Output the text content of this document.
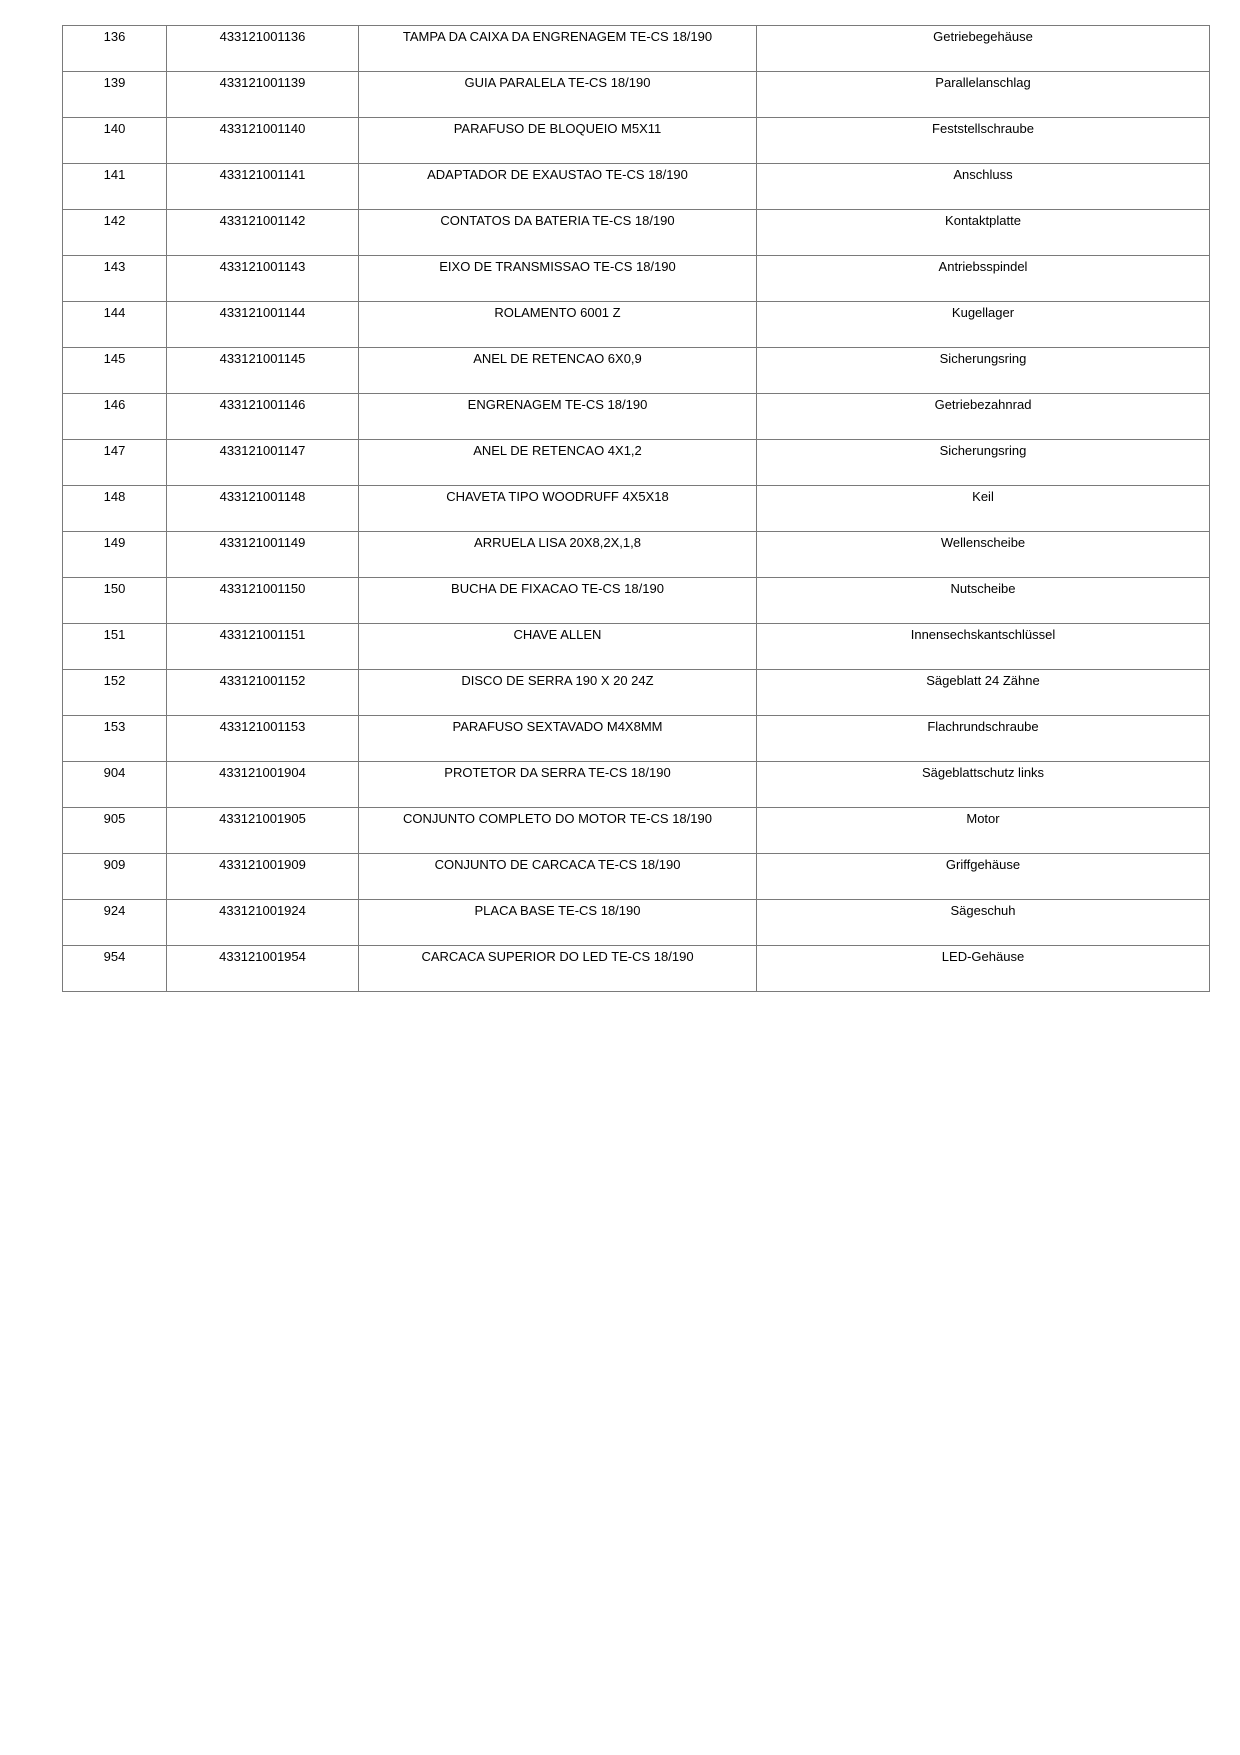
136	433121001136	TAMPA DA CAIXA DA ENGRENAGEM TE-CS 18/190	Getriebegehäuse
139	433121001139	GUIA PARALELA TE-CS 18/190	Parallelanschlag
140	433121001140	PARAFUSO DE BLOQUEIO M5X11	Feststellschraube
141	433121001141	ADAPTADOR DE EXAUSTAO TE-CS 18/190	Anschluss
142	433121001142	CONTATOS DA BATERIA TE-CS 18/190	Kontaktplatte
143	433121001143	EIXO DE TRANSMISSAO TE-CS 18/190	Antriebsspindel
144	433121001144	ROLAMENTO 6001 Z	Kugellager
145	433121001145	ANEL DE RETENCAO 6X0,9	Sicherungsring
146	433121001146	ENGRENAGEM TE-CS 18/190	Getriebezahnrad
147	433121001147	ANEL DE RETENCAO 4X1,2	Sicherungsring
148	433121001148	CHAVETA TIPO WOODRUFF 4X5X18	Keil
149	433121001149	ARRUELA LISA 20X8,2X,1,8	Wellenscheibe
150	433121001150	BUCHA DE FIXACAO TE-CS 18/190	Nutscheibe
151	433121001151	CHAVE ALLEN	Innensechskantschlüssel
152	433121001152	DISCO DE SERRA 190 X 20 24Z	Sägeblatt 24 Zähne
153	433121001153	PARAFUSO SEXTAVADO M4X8MM	Flachrundschraube
904	433121001904	PROTETOR DA SERRA TE-CS 18/190	Sägeblattschutz links
905	433121001905	CONJUNTO COMPLETO DO MOTOR TE-CS 18/190	Motor
909	433121001909	CONJUNTO DE CARCACA TE-CS 18/190	Griffgehäuse
924	433121001924	PLACA BASE TE-CS 18/190	Sägeschuh
954	433121001954	CARCACA SUPERIOR DO LED TE-CS 18/190	LED-Gehäuse
